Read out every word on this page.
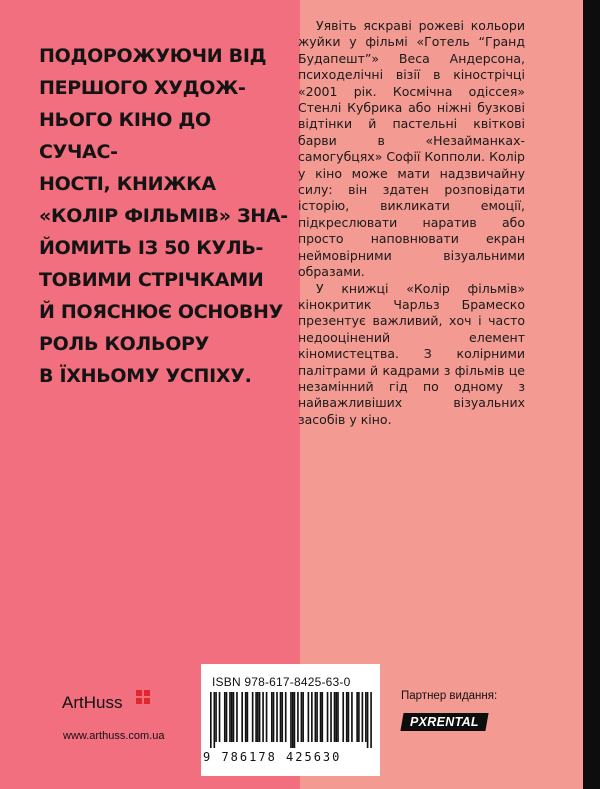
ПОДОРОЖУЮЧИ ВІД
ПЕРШОГО ХУДОЖ-
НЬОГО КІНО ДО СУЧАС-
НОСТІ, КНИЖКА
«КОЛІР ФІЛЬМІВ» ЗНА-
ЙОМИТЬ ІЗ 50 КУЛЬ-
ТОВИМИ СТРІЧКАМИ
Й ПОЯСНЮЄ ОСНОВНУ
РОЛЬ КОЛЬОРУ
В ЇХНЬОМУ УСПІХУ.

Уявіть яскраві рожеві кольори жуйки у фільмі «Готель “Гранд Будапешт”» Веса Андерсона, психоделічні візії в кінострічці «2001 рік. Космічна одіссея» Стенлі Кубрика або ніжні бузкові відтінки й пастельні квіткові барви в «Незайманках-самогубцях» Софії Копполи. Колір у кіно може мати надзвичайну силу: він здатен розповідати історію, викликати емоції, підкреслювати наратив або просто наповнювати екран неймовірними візуальними образами.

У книжці «Колір фільмів» кінокритик Чарльз Брамеско презентує важливий, хоч і часто недооцінений елемент кіномистецтва. З колірними палітрами й кадрами з фільмів це незамінний гід по одному з найважливіших візуальних засобів у кіно.

ISBN 978-617-8425-63-0
9 786178 425630
ArtHuss
www.arthuss.com.ua
Партнер видання:
PXRENTAL
